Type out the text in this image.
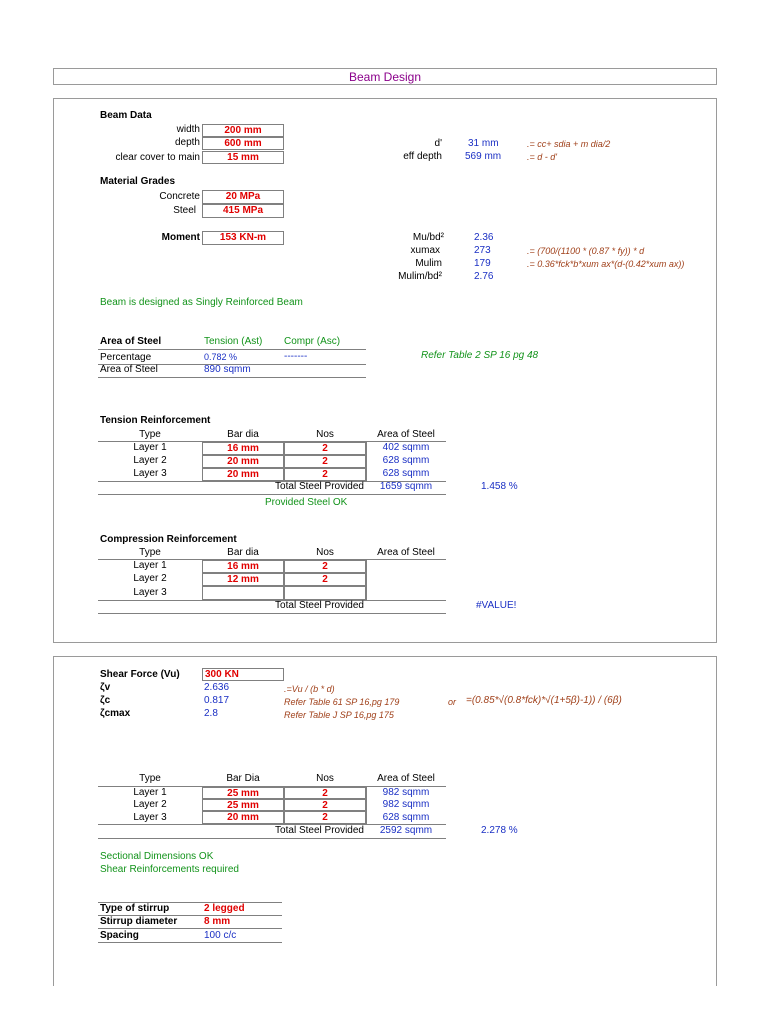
Beam Design
Beam Data
width	200 mm
depth	600 mm
clear cover to main	15 mm
d'	31 mm	.= cc+ sdia + m dia/2
eff depth 569 mm	.= d - d'
Material Grades
Concrete	20 MPa
Steel	415 MPa
Moment	153 KN-m	Mu/bd²	2.36
xumax	273	.= (700/(1100 * (0.87 * fy)) * d
Mulim	179	.= 0.36*fck*b*xum ax*(d-(0.42*xum ax))
Mulim/bd²	2.76
Beam is designed as Singly Reinforced Beam
Area of Steel	Tension (Ast) Compr (Asc)
Percentage	0.782 %	-------
Area of Steel	890 sqmm
Refer Table 2 SP 16 pg 48
Tension Reinforcement
Type	Bar dia	Nos	Area of Steel
Layer 1	16 mm	2	402 sqmm
Layer 2	20 mm	2	628 sqmm
Layer 3	20 mm	2	628 sqmm
Total Steel Provided	1659 sqmm	1.458 %
Provided Steel OK
Compression Reinforcement
Type	Bar dia	Nos	Area of Steel
Layer 1	16 mm	2
Layer 2	12 mm	2
Layer 3
Total Steel Provided	#VALUE!
Shear Force (Vu)	300 KN
ζv	2.636	.=Vu / (b * d)
ζc	0.817	Refer Table 61 SP 16,pg 179	or =(0.85*√(0.8*fck)*√(1+5β)-1)) / (6β)
ζcmax	2.8	Refer Table J SP 16,pg 175
Type	Bar Dia	Nos	Area of Steel
Layer 1	25 mm	2	982 sqmm
Layer 2	25 mm	2	982 sqmm
Layer 3	20 mm	2	628 sqmm
Total Steel Provided	2592 sqmm	2.278 %
Sectional Dimensions OK
Shear Reinforcements required
Type of stirrup	2 legged
Stirrup diameter	8 mm
Spacing	100 c/c
